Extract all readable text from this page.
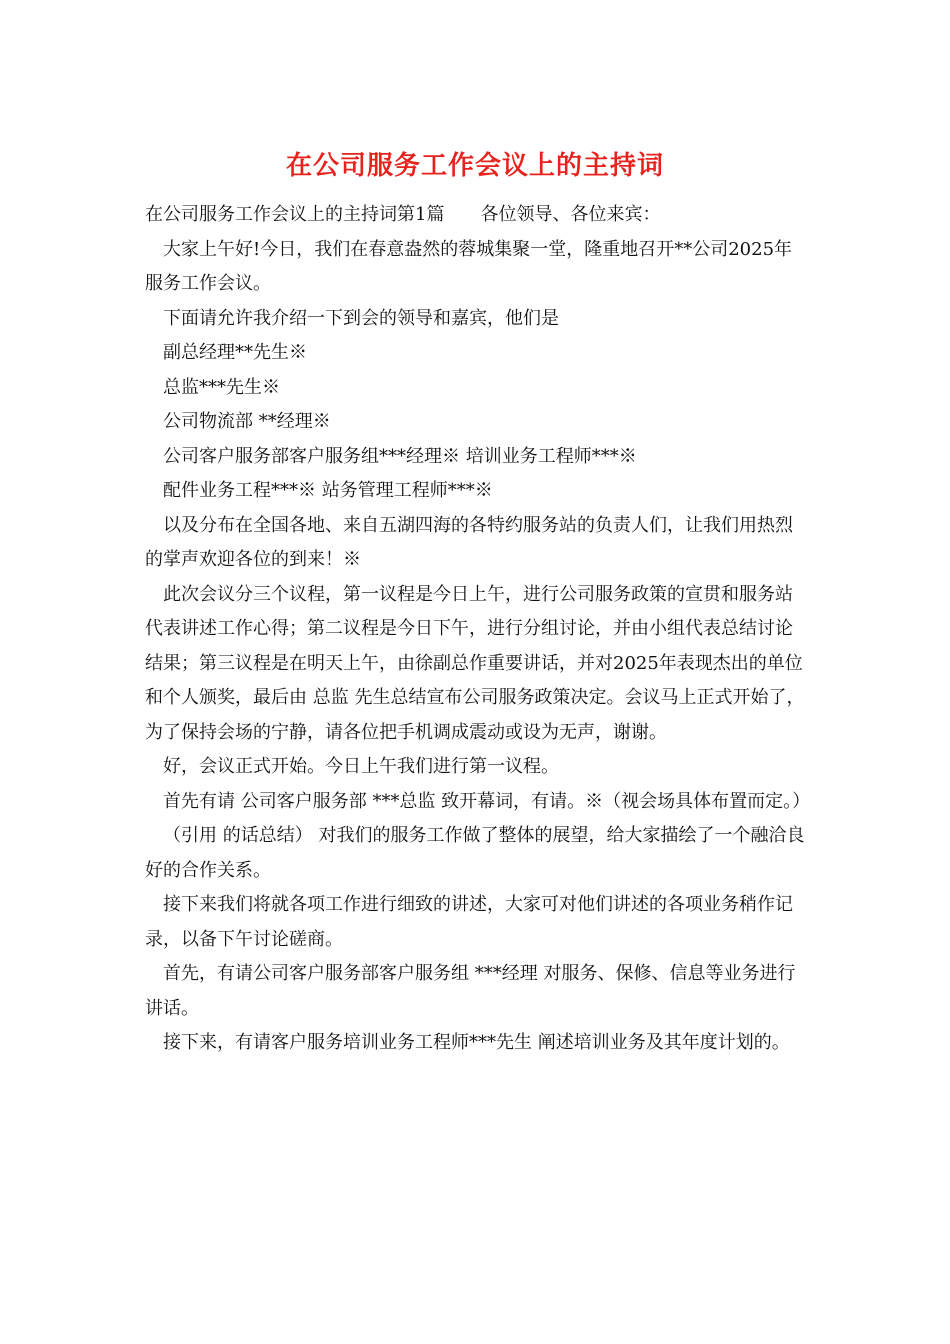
在公司服务工作会议上的主持词

在公司服务工作会议上的主持词第1篇　　各位领导、各位来宾：

大家上午好!今日，我们在春意盎然的蓉城集聚一堂，隆重地召开**公司2025年服务工作会议。

下面请允许我介绍一下到会的领导和嘉宾，他们是

副总经理**先生※

总监***先生※

公司物流部 **经理※

公司客户服务部客户服务组***经理※ 培训业务工程师***※

配件业务工程***※ 站务管理工程师***※

以及分布在全国各地、来自五湖四海的各特约服务站的负责人们，让我们用热烈的掌声欢迎各位的到来！※

此次会议分三个议程，第一议程是今日上午，进行公司服务政策的宣贯和服务站代表讲述工作心得；第二议程是今日下午，进行分组讨论，并由小组代表总结讨论结果；第三议程是在明天上午，由徐副总作重要讲话，并对2025年表现杰出的单位和个人颁奖，最后由 总监 先生总结宣布公司服务政策决定。会议马上正式开始了，为了保持会场的宁静，请各位把手机调成震动或设为无声，谢谢。

好，会议正式开始。今日上午我们进行第一议程。

首先有请 公司客户服务部 ***总监 致开幕词，有请。※（视会场具体布置而定。）

（引用 的话总结） 对我们的服务工作做了整体的展望，给大家描绘了一个融洽良好的合作关系。

接下来我们将就各项工作进行细致的讲述，大家可对他们讲述的各项业务稍作记录，以备下午讨论磋商。

首先，有请公司客户服务部客户服务组 ***经理 对服务、保修、信息等业务进行讲话。

接下来，有请客户服务培训业务工程师***先生 阐述培训业务及其年度计划的。
